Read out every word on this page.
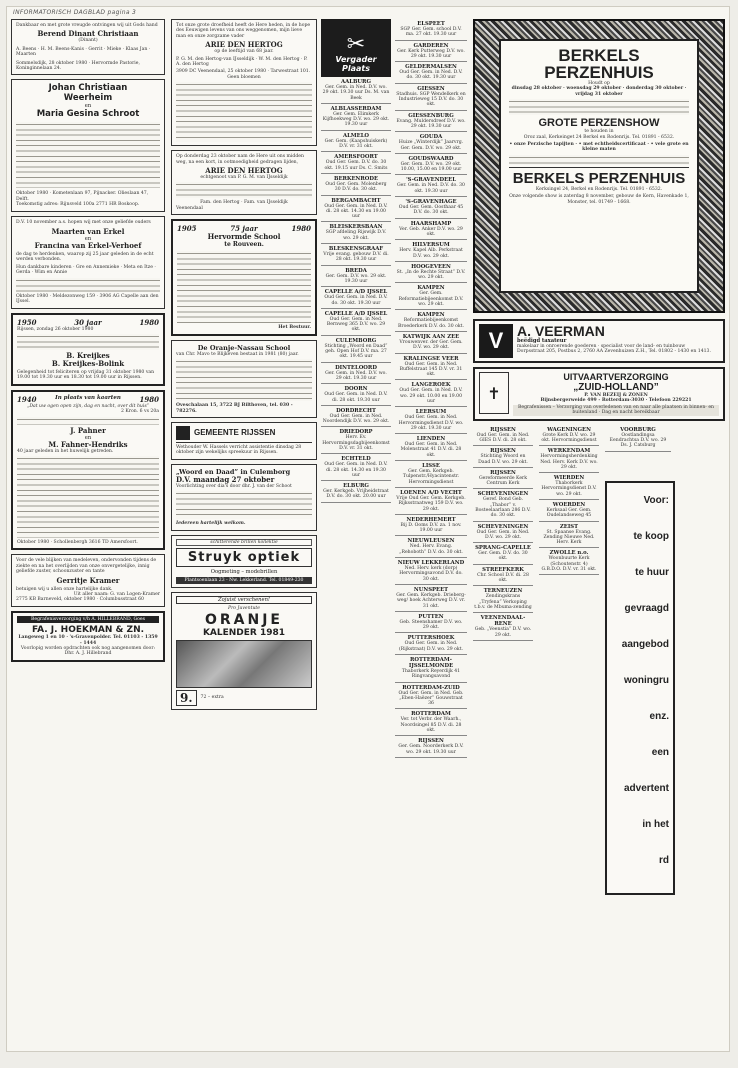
INFORMATORISCH DAGBLAD pagina 3
Dankbaar en met grote vreugde ontvingen wij uit Gods hand
Berend Dinant Christiaan
(Dinant)
A. Beens · H. M. Beens-Kanis · Gerrit · Mieke · Klaas Jan · Maarten
Sommelsdijk, 28 oktober 1980 · Hervormde Pastorie, Koninginnelaan 24.
Johan Christiaan
Weerheim
en
Maria Gesina Schroot
Oktober 1980 · Kometenlaan 97, Pijnacker. Olieslaan 47, Delft.
Toekomstig adres: Rijnsveld 100a 2771 HR Boskoop.
D.V. 10 november a.s. hopen wij met onze geliefde ouders
Maarten van Erkel
en
Francina van Erkel-Verhoef
de dag te herdenken, waarop zij 25 jaar geleden in de echt werden verbonden.
Hun dankbare kinderen · Gre en Annemieke · Meta en Itze · Gerda · Wim en Annie
Oktober 1980 · Meldezonweg 159 · 3906 AG Capelle aan den IJssel.
1950	30 jaar	1980
Rijssen, zondag 26 oktober 1980
B. Kreijkes
B. Kreijkes-Bolink
Gelegenheid tot feliciteren op vrijdag 31 oktober 1980 van 19.00 tot 19.30 uur en 18.30 tot 19.00 uur in Rijssen.
1940	In plaats van kaarten	1980
„Dat uw ogen open zijn, dag en nacht, over dit huis”
2 Kron. 6 vs 20a
J. Pahner
en
M. Fahner-Hendriks
40 jaar geleden in het huwelijk getreden.
Oktober 1980 · Schollenbergh 3616 TD Amersfoort.
Voor de vele blijken van medeleven, ondervonden tijdens de ziekte en na het overlijden van onze onvergetelijke, innig geliefde zuster, schoonzuster en tante
Gerritje Kramer
betuigen wij u allen onze hartelijke dank.
Uit aller naam: G. van Logen-Kramer
2775 KB Barneveld, oktober 1980 · Columbusstraat 60
Begrafenisverzorging v/h A. HILLEBRAND, Goes
FA. J. HOEKMAN & ZN.
Langeweg 1 en 10 · 's-Gravenpolder. Tel. 01103 - 1359 - 1444
Voorlopig worden opdrachten ook nog aangenomen door: Dhr. A. J. Hillebrand
Tot onze grote droefheid heeft de Here heden, in de hope des Eeuwigen levens van ons weggenomen, mijn lieve man en onze zorgzame vader
ARIE DEN HERTOG
op de leeftijd van 68 jaar.
P. G. M. den Hertog-van IJsseldijk · W. M. den Hertog · P. A. den Hertog
3909 DC Veenendaal, 25 oktober 1980 · Tarwestraat 101.
Geen bloemen
Op donderdag 23 oktober nam de Here uit ons midden weg, na een kort, in ootmoedigheid gedragen lijden,
ARIE DEN HERTOG
echtgenoot van P. G. M. van IJsseldijk
Fam. den Hertog · Fam. van IJsseldijk
Veenendaal
1905	75 jaar	1980
Hervormde School
te Rouveen.
Het Bestuur.
De Oranje-Nassau School
van Chr. Mavo te Blijkeven bestaat in 1981 (80) jaar.
Oveschalaan 15, 3722 BJ Bilthoven, tel. 030 - 782276.
GEMEENTE RIJSSEN
Wethouder W. Hassels verricht assistentie dinsdag 28 oktober zijn wekelijks spreekuur in Rijssen.
„Woord en Daad” in Culemborg
D.V. maandag 27 oktober
Voorlichting over dia's door dhr. J. van der Schoot
Iedereen hartelijk welkom.
schitterende brillen kollektie
Struyk optiek
Oogmeting – modebrillen
Plantsoenlaan 23 - Nw. Lekkerland. Tel. 01849-230
Zojuist verschenen!
Pro Juventute
ORANJE
KALENDER 1981
9.	72 – extra
✂
Vergader Plaats
AALBURG
Ger. Gem. in Ned. D.V. wo. 29 okt. 19.30 uur Ds. M. van Beek
ALBLASSERDAM
Ger. Gem. Elimkerk Kijfhoekweg D.V. wo. 29 okt. 19.30 uur
ALMELO
Ger. Gem. (Kaapshuiskerk) D.V. vr. 31 okt.
AMERSFOORT
Oud Ger. Gem. D.V. do. 30 okt. 19.15 uur Ds. C. Smits
BERKENRODE
Oud Ger. Gem. Molenberg 30 D.V. do. 30 okt.
BERGAMBACHT
Oud Ger. Gem. in Ned. D.V. di. 28 okt. 14.30 en 19.00 uur
BLEISKERSBAAN
SGP afdeling Rijswijk D.V. wo. 29 okt.
BLESKENSGRAAF
Vrije evang. gebouw D.V. di. 28 okt. 19.30 uur
BREDA
Ger. Gem. D.V. wo. 29 okt. 19.30 uur
CAPELLE A/D IJSSEL
Oud Ger. Gem. in Ned. D.V. do. 30 okt. 19.30 uur
CAPELLE A/D IJSSEL
Oud Ger. Gem. in Ned. Bernweg 365 D.V. wo. 29 okt.
CULEMBORG
Stichting „Woord en Daad” geh. Open Hof D.V. ma. 27 okt. 19.45 uur
DINTELOORD
Ger. Gem. in Ned. D.V. wo. 29 okt. 19.30 uur
DOORN
Oud Ger. Gem. in Ned. D.V. di. 28 okt. 19.30 uur
DORDRECHT
Oud Ger. Gem. in Ned. Noordendijk D.V. wo. 29 okt.
DRIEDORP
Herv. Ev. Hervormingsdagbijeenkomst D.V. vr. 31 okt.
ECHTELD
Oud Ger. Gem. in Ned. D.V. di. 28 okt. 14.30 en 19.30 uur
ELBURG
Ger. Kerkgeb. Vrijheidstraat D.V. do. 30 okt. 20.00 uur
ELSPEET
SGP Ger. Gem. school D.V. ma. 27 okt. 19.30 uur
GARDEREN
Ger. Kerk Putterweg D.V. wo. 29 okt. 19.30 uur
GELDERMALSEN
Oud Ger. Gem. in Ned. D.V. do. 30 okt. 19.30 uur
GIESSEN
Stadhuis. SGP Wendelkerk en Industrieweg 15 D.V. do. 30 okt.
GIESSENBURG
Evang. Muldersdreef D.V. wo. 29 okt. 19.30 uur
GOUDA
Huize „Winterdijk” Jaarvrg. Ger. Gem. D.V. wo. 29 okt.
GOUDSWAARD
Ger. Gem. D.V. wo. 29 okt. 10.00, 15.00 en 19.00 uur
'S-GRAVENDEEL
Ger. Gem. in Ned. D.V. do. 30 okt. 19.30 uur
'S-GRAVENHAGE
Oud Ger. Gem. Oosthaar 45 D.V. do. 30 okt.
HAARSHAMP
Ver. Geb. Anker D.V. wo. 29 okt.
HILVERSUM
Herv. Kapel Alb. Perkstraat D.V. wo. 29 okt.
HOOGEVEEN
St. „In de Rechte Straat” D.V. wo. 29 okt.
KAMPEN
Ger. Gem. Reformatiebijeenkomst D.V. wo. 29 okt.
KAMPEN
Reformatiebijeenkomst Broederkerk D.V. do. 30 okt.
KATWIJK AAN ZEE
Vrouwenver. der Ger. Gem. D.V. wo. 29 okt.
KRALINGSE VEER
Oud Ger. Gem. in Ned. Buffelstraat 145 D.V. vr. 31 okt.
LANGEROEK
Oud Ger. Gem. in Ned. D.V. wo. 29 okt. 10.00 en 19.00 uur
LEERSUM
Oud Ger. Gem. in Ned. Hervormingsdienst D.V. wo. 29 okt. 19.30 uur
LIENDEN
Oud Ger. Gem. in Ned. Molenstraat 41 D.V. di. 28 okt.
LISSE
Ger. Gem. Kerkgeb. Tulpenstr./Hyacintenstr. Hervormingsdienst
LOENEN A/D VECHT
Vrije Oud Ger. Gem. Kerkgeb. Rijksstraatweg 159 D.V. wo. 29 okt.
NEDERHEMERT
Bij D. Ooms D.V. za. 1 nov. 19.00 uur
NIEUWLEUSEN
Ned. Herv. Evang. „Rehoboth” D.V. do. 30 okt.
NIEUW LEKKERLAND
Ned. Herv. kerk (dorp) Hervormingsavond D.V. do. 30 okt.
NUNSPEET
Ger. Gem. Kerkgeb. Drieberg-weg/ hoek Achterweg D.V. vr. 31 okt.
PUTTEN
Geb. Steenshamer D.V. wo. 29 okt.
PUTTERSHOEK
Oud Ger. Gem. in Ned. (Rijkstraat) D.V. wo. 29 okt.
ROTTERDAM-IJSSELMONDE
Thaborkerk Reyerdijk 41 Ringvangsavond
ROTTERDAM-ZUID
Oud Ger. Gem. in Ned. Geb. „Eben-Haëzer” Gouwstraat 36
ROTTERDAM
Ver. tot Verbr. der Waarh., Noordsingel 85 D.V. di. 28 okt.
RIJSSEN
Ger. Gem. Noorderkerk D.V. wo. 29 okt. 19.30 uur
BERKELS PERZENHUIS
Houdt op
dinsdag 28 oktober · woensdag 29 oktober · donderdag 30 oktober · vrijdag 31 oktober
GROTE PERZENSHOW
te houden in
Oroz zaal, Kerkeinget 24 Berkel en Rodenrijs. Tel. 01891 - 6532.
• onze Perzische tapijten · • met echtheidscertificaat · • vele grote en kleine maten
BERKELS PERZENHUIS
Kerksingel 24, Berkel en Rodenrijs. Tel. 01891 - 6532.
Onze volgende show is zaterdag 8 november, gebouw de Kern, Havenkade 1, Monster, tel. 01749 - 1668.
V A. VEERMAN
beëdigd taxateur
makelaar in onroerende goederen · specialist voor de land- en tuinbouw
Dorpsstraat 205, Postbus 2, 2760 AA Zevenhuizen Z.H., Tel. 01802 - 1430 en 1413.
✝
UITVAARTVERZORGING
„ZUID-HOLLAND”
P. VAN BEZEIJ & ZONEN
Bijnsbergerweide 499 - Rotterdam-3030 · Telefoon 229221
Begrafenissen – Verzorging van overledenen van en naar alle plaatsen in binnen- en buitenland · Dag en nacht bereikbaar
RIJSSEN
Oud Ger. Gem. in Ned. GIES D.V. di. 28 okt.
RIJSSEN
Stichting Woord en Daad D.V. wo. 29 okt.
RIJSSEN
Gereformeerde Kerk Centrum Kerk
SCHEVENINGEN
Geref. Bond Geb. „Thabor” v. Bosteelaarlaan 286 D.V. do. 30 okt.
SCHEVENINGEN
Oud Ger. Gem. in Ned. D.V. wo. 29 okt.
SPRANG-CAPELLE
Ger. Gem. D.V. do. 30 okt.
STREEFKERK
Chr. School D.V. di. 28 okt.
TERNEUZEN
Zendingskrans „Tryfena” Verkoping t.b.v. de Mbuma-zending
VEENENDAAL-RENE
Geb. „Veenstia” D.V. wo. 29 okt.
WAGENINGEN
Grote Kerk D.V. wo. 29 okt. Hervormingsdienst
WERKENDAM
Hervormingsherdenking Ned. Herv. Kerk D.V. wo. 29 okt.
WIERDEN
Thaborkerk Hervormingsdienst D.V. wo. 29 okt.
WOERDEN
Kerksaal Ger. Gem. Oudelandseweg 45
ZEIST
St. Spaanse Evang. Zending Nieuwe Ned. Herv. Kerk
ZWOLLE n.o.
Woonbuurte Kerk (Schoutenstr. 4) G.B.D.O. D.V. vr. 31 okt.
VOORBURG
Oostlandingsa Eendrachtsa D.V. wo. 29 Ds. J. Catsburg
Voor:
te koop
te huur
gevraagd
aangebod
woningru
enz.
een
advertent
in het
rd
